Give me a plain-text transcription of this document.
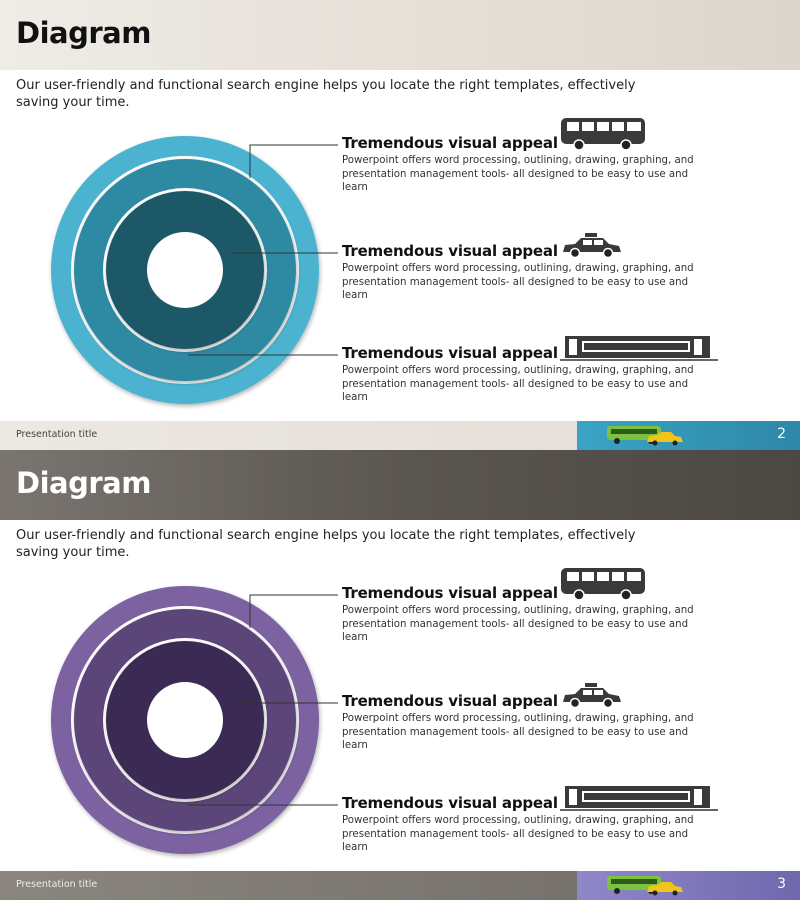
Diagram
Our user-friendly and functional search engine helps you locate the right templates, effectively saving your time.
Tremendous visual appeal
Powerpoint offers word processing, outlining, drawing, graphing, and presentation management tools- all designed to be easy to use and learn
Tremendous visual appeal
Powerpoint offers word processing, outlining, drawing, graphing, and presentation management tools- all designed to be easy to use and learn
Tremendous visual appeal
Powerpoint offers word processing, outlining, drawing, graphing, and presentation management tools- all designed to be easy to use and learn
Presentation title	2
Diagram
Our user-friendly and functional search engine helps you locate the right templates, effectively saving your time.
Tremendous visual appeal
Powerpoint offers word processing, outlining, drawing, graphing, and presentation management tools- all designed to be easy to use and learn
Tremendous visual appeal
Powerpoint offers word processing, outlining, drawing, graphing, and presentation management tools- all designed to be easy to use and learn
Tremendous visual appeal
Powerpoint offers word processing, outlining, drawing, graphing, and presentation management tools- all designed to be easy to use and learn
Presentation title	3
